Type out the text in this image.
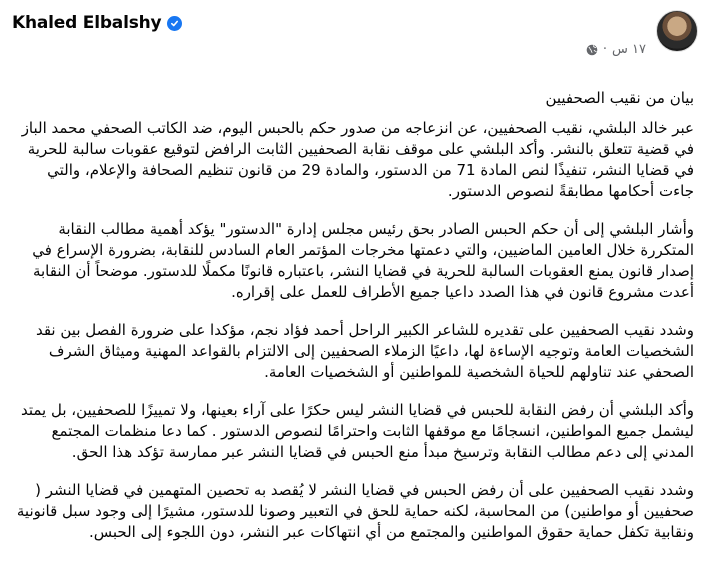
Khaled Elbalshy
١٧ س
·

بيان من نقيب الصحفيين

عبر خالد البلشي، نقيب الصحفيين، عن انزعاجه من صدور حكم بالحبس اليوم، ضد الكاتب الصحفي محمد الباز في قضية تتعلق بالنشر. وأكد البلشي على موقف نقابة الصحفيين الثابت الرافض لتوقيع عقوبات سالبة للحرية في قضايا النشر، تنفيذًا لنص المادة 71 من الدستور، والمادة 29 من قانون تنظيم الصحافة والإعلام، والتي جاءت أحكامها مطابقةً لنصوص الدستور.

وأشار البلشي إلى أن حكم الحبس الصادر بحق رئيس مجلس إدارة "الدستور" يؤكد أهمية مطالب النقابة المتكررة خلال العامين الماضيين، والتي دعمتها مخرجات المؤتمر العام السادس للنقابة، بضرورة الإسراع في إصدار قانون يمنع العقوبات السالبة للحرية في قضايا النشر، باعتباره قانونًا مكملًا للدستور. موضحاً أن النقابة أعدت مشروع قانون في هذا الصدد داعيا جميع الأطراف للعمل على إقراره.

وشدد نقيب الصحفيين على تقديره للشاعر الكبير الراحل أحمد فؤاد نجم، مؤكدا على ضرورة الفصل بين نقد الشخصيات العامة وتوجيه الإساءة لها، داعيًا الزملاء الصحفيين إلى الالتزام بالقواعد المهنية وميثاق الشرف الصحفي عند تناولهم للحياة الشخصية للمواطنين أو الشخصيات العامة.

وأكد البلشي أن رفض النقابة للحبس في قضايا النشر ليس حكرًا على آراء بعينها، ولا تمييزًا للصحفيين، بل يمتد ليشمل جميع المواطنين، انسجامًا مع موقفها الثابت واحترامًا لنصوص الدستور . كما دعا منظمات المجتمع المدني إلى دعم مطالب النقابة وترسيخ مبدأ منع الحبس في قضايا النشر عبر ممارسة تؤكد هذا الحق.

وشدد نقيب الصحفيين على أن رفض الحبس في قضايا النشر لا يُقصد به تحصين المتهمين في قضايا النشر ( صحفيين أو مواطنين) من المحاسبة، لكنه حماية للحق في التعبير وصونا للدستور، مشيرًا إلى وجود سبل قانونية ونقابية تكفل حماية حقوق المواطنين والمجتمع من أي انتهاكات عبر النشر، دون اللجوء إلى الحبس.
